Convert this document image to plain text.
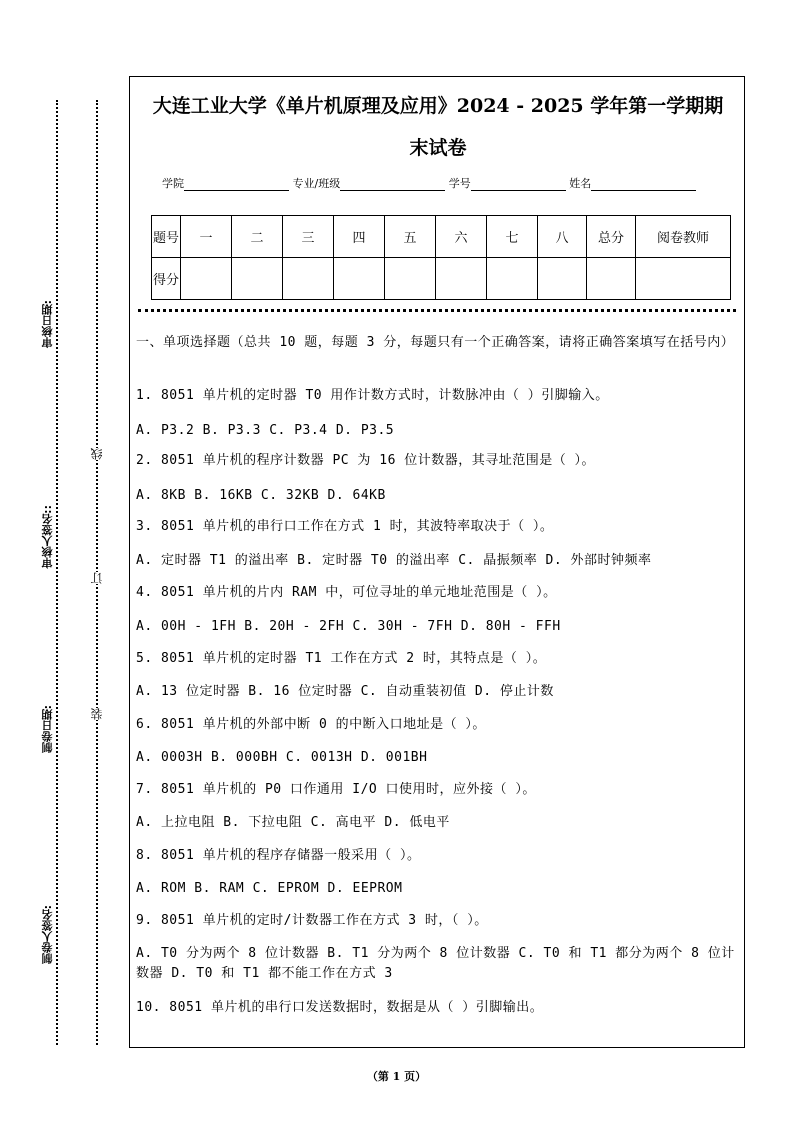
审核日期:
审核人签名::
制卷日期:
制卷人签名:
线
订
装
大连工业大学《单片机原理及应用》2024 - 2025 学年第一学期期
末试卷
学院	专业/班级	学号	姓名
题号	一	二	三	四	五	六	七	八	总分	阅卷教师
得分										
一、单项选择题（总共 10 题，每题 3 分，每题只有一个正确答案，请将正确答案填写在括号内）
1. 8051 单片机的定时器 T0 用作计数方式时，计数脉冲由（ ）引脚输入。
A. P3.2 B. P3.3 C. P3.4 D. P3.5
2. 8051 单片机的程序计数器 PC 为 16 位计数器，其寻址范围是（ ）。
A. 8KB B. 16KB C. 32KB D. 64KB
3. 8051 单片机的串行口工作在方式 1 时，其波特率取决于（ ）。
A. 定时器 T1 的溢出率 B. 定时器 T0 的溢出率 C. 晶振频率 D. 外部时钟频率
4. 8051 单片机的片内 RAM 中，可位寻址的单元地址范围是（ ）。
A. 00H - 1FH B. 20H - 2FH C. 30H - 7FH D. 80H - FFH
5. 8051 单片机的定时器 T1 工作在方式 2 时，其特点是（ ）。
A. 13 位定时器 B. 16 位定时器 C. 自动重装初值 D. 停止计数
6. 8051 单片机的外部中断 0 的中断入口地址是（ ）。
A. 0003H B. 000BH C. 0013H D. 001BH
7. 8051 单片机的 P0 口作通用 I/O 口使用时，应外接（ ）。
A. 上拉电阻 B. 下拉电阻 C. 高电平 D. 低电平
8. 8051 单片机的程序存储器一般采用（ ）。
A. ROM B. RAM C. EPROM D. EEPROM
9. 8051 单片机的定时/计数器工作在方式 3 时，（ ）。
A. T0 分为两个 8 位计数器 B. T1 分为两个 8 位计数器 C. T0 和 T1 都分为两个 8 位计数器 D. T0 和 T1 都不能工作在方式 3
10. 8051 单片机的串行口发送数据时，数据是从（ ）引脚输出。
（第 1 页）
